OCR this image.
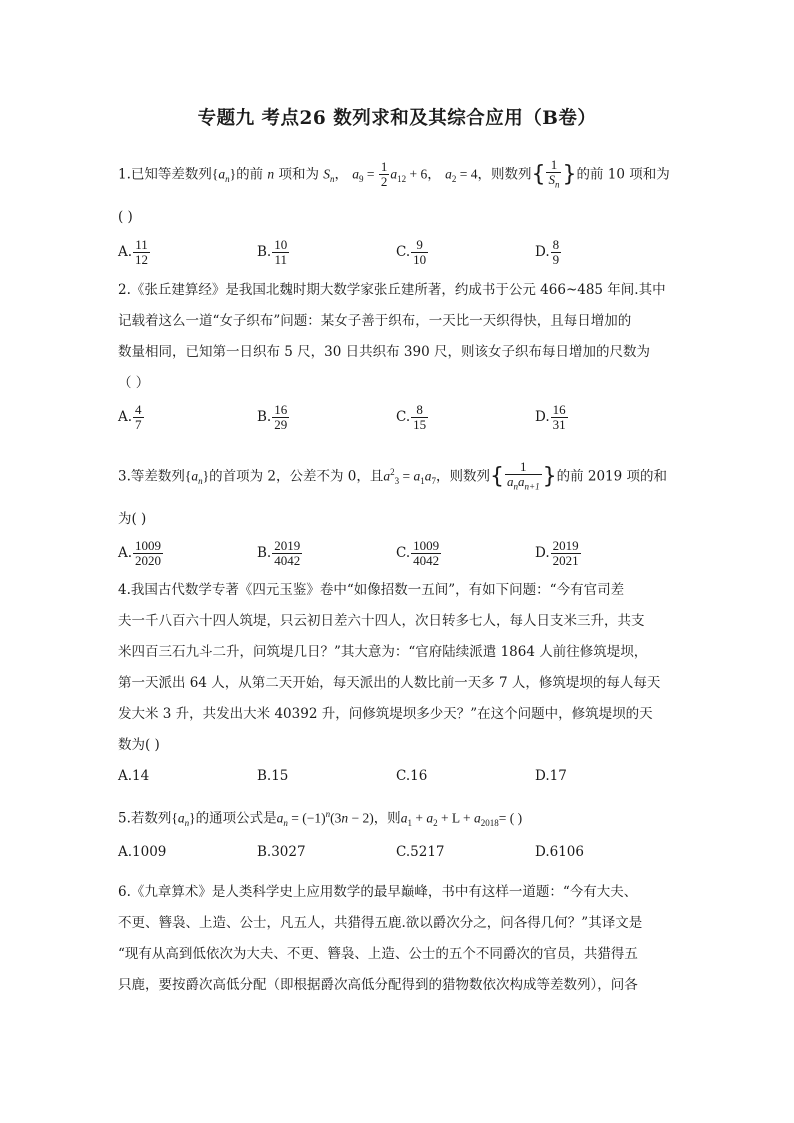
专题九 考点26 数列求和及其综合应用（B卷）
1.已知等差数列$\{a_n\}$的前 n 项和为 $S_n$， $a_9 = \frac{1}{2} a_{12} + 6$， $a_2 = 4$，则数列{ $\frac{1}{S_n}$ }的前 10 项和为
( )
A. $\frac{11}{12}$	B. $\frac{10}{11}$	C. $\frac{9}{10}$	D. $\frac{8}{9}$
2.《张丘建算经》是我国北魏时期大数学家张丘建所著，约成书于公元 466~485 年间.其中
记载着这么一道“女子织布”问题：某女子善于织布，一天比一天织得快，且每日增加的
数量相同，已知第一日织布 5 尺，30 日共织布 390 尺，则该女子织布每日增加的尺数为
（ ）
A. $\frac{4}{7}$	B. $\frac{16}{29}$	C. $\frac{8}{15}$	D. $\frac{16}{31}$
3.等差数列$\{a_n\}$的首项为 2，公差不为 0，且$a^2_3 = a_1a_7$，则数列{ $\frac{1}{a_na_{n+1}}$ }的前 2019 项的和
为( )
A. $\frac{1009}{2020}$	B. $\frac{2019}{4042}$	C. $\frac{1009}{4042}$	D. $\frac{2019}{2021}$
4.我国古代数学专著《四元玉鉴》卷中“如像招数一五间”，有如下问题：“今有官司差
夫一千八百六十四人筑堤，只云初日差六十四人，次日转多七人，每人日支米三升，共支
米四百三石九斗二升，问筑堤几日？”其大意为：“官府陆续派遣 1864 人前往修筑堤坝，
第一天派出 64 人，从第二天开始，每天派出的人数比前一天多 7 人，修筑堤坝的每人每天
发大米 3 升，共发出大米 40392 升，问修筑堤坝多少天？”在这个问题中，修筑堤坝的天
数为( )
A.14	B.15	C.16	D.17
5.若数列$\{a_n\}$的通项公式是$a_n = (-1)^n(3n - 2)$，则$a_1 + a_2 + L + a_{2018}=$ ( )
A.1009	B.3027	C.5217	D.6106
6.《九章算术》是人类科学史上应用数学的最早巅峰，书中有这样一道题：“今有大夫、
不更、簪袅、上造、公士，凡五人，共猎得五鹿.欲以爵次分之，问各得几何？”其译文是
“现有从高到低依次为大夫、不更、簪袅、上造、公士的五个不同爵次的官员，共猎得五
只鹿，要按爵次高低分配（即根据爵次高低分配得到的猎物数依次构成等差数列），问各
